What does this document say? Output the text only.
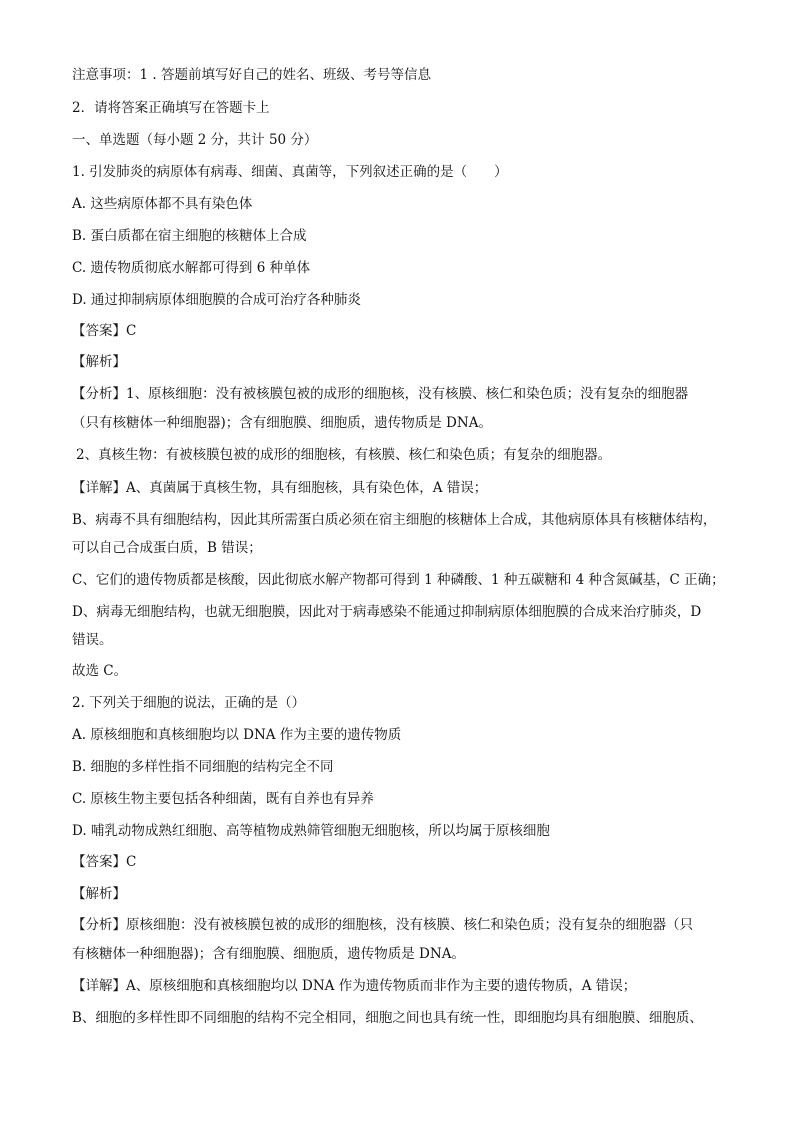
注意事项：1 . 答题前填写好自己的姓名、班级、考号等信息
2．请将答案正确填写在答题卡上
一、单选题（每小题 2 分，共计 50 分）
1. 引发肺炎的病原体有病毒、细菌、真菌等，下列叙述正确的是（　　）
A. 这些病原体都不具有染色体
B. 蛋白质都在宿主细胞的核糖体上合成
C. 遗传物质彻底水解都可得到 6 种单体
D. 通过抑制病原体细胞膜的合成可治疗各种肺炎
【答案】C
【解析】
【分析】1、原核细胞：没有被核膜包被的成形的细胞核，没有核膜、核仁和染色质；没有复杂的细胞器
（只有核糖体一种细胞器)；含有细胞膜、细胞质，遗传物质是 DNA。
2、真核生物：有被核膜包被的成形的细胞核，有核膜、核仁和染色质；有复杂的细胞器。
【详解】A、真菌属于真核生物，具有细胞核，具有染色体，A 错误；
B、病毒不具有细胞结构，因此其所需蛋白质必须在宿主细胞的核糖体上合成，其他病原体具有核糖体结构，
可以自己合成蛋白质，B 错误；
C、它们的遗传物质都是核酸，因此彻底水解产物都可得到 1 种磷酸、1 种五碳糖和 4 种含氮碱基，C 正确；
D、病毒无细胞结构，也就无细胞膜，因此对于病毒感染不能通过抑制病原体细胞膜的合成来治疗肺炎，D
错误。
故选 C。
2. 下列关于细胞的说法，正确的是（）
A. 原核细胞和真核细胞均以 DNA 作为主要的遗传物质
B. 细胞的多样性指不同细胞的结构完全不同
C. 原核生物主要包括各种细菌，既有自养也有异养
D. 哺乳动物成熟红细胞、高等植物成熟筛管细胞无细胞核，所以均属于原核细胞
【答案】C
【解析】
【分析】原核细胞：没有被核膜包被的成形的细胞核，没有核膜、核仁和染色质；没有复杂的细胞器（只
有核糖体一种细胞器)；含有细胞膜、细胞质，遗传物质是 DNA。
【详解】A、原核细胞和真核细胞均以 DNA 作为遗传物质而非作为主要的遗传物质，A 错误；
B、细胞的多样性即不同细胞的结构不完全相同，细胞之间也具有统一性，即细胞均具有细胞膜、细胞质、
